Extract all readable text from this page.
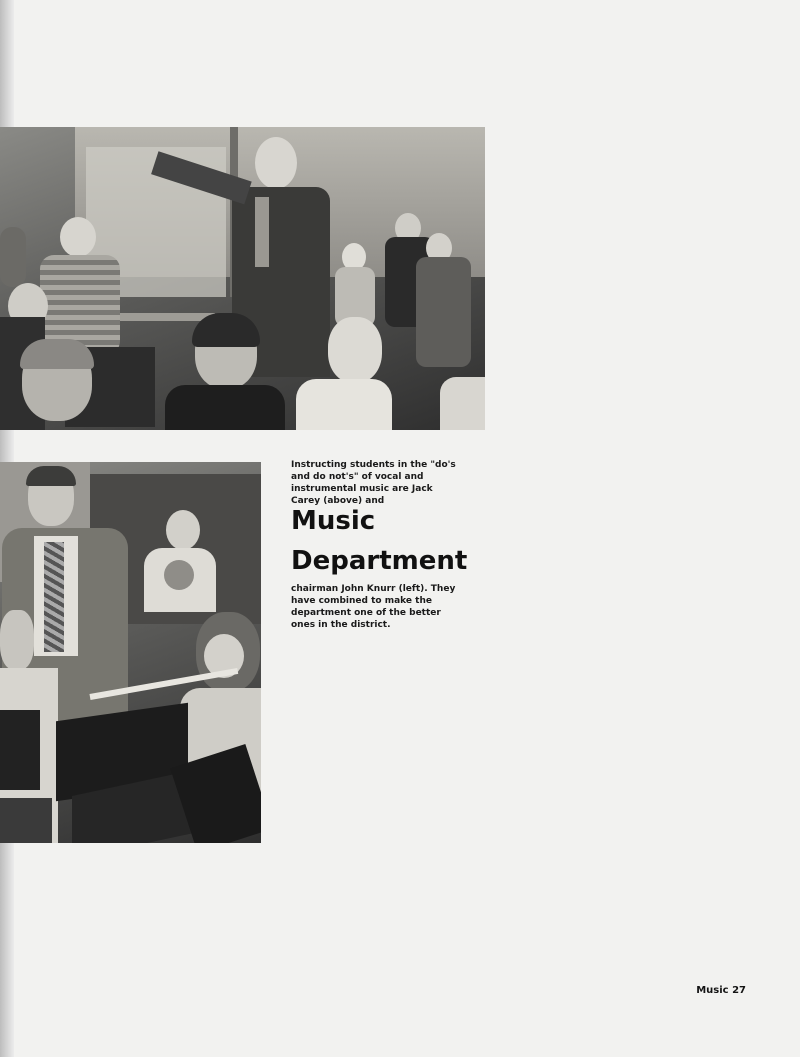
Instructing students in the "do's and do not's" of vocal and instrumental music are Jack Carey (above) and
Music
Department
chairman John Knurr (left). They have combined to make the department one of the better ones in the district.
Music 27
